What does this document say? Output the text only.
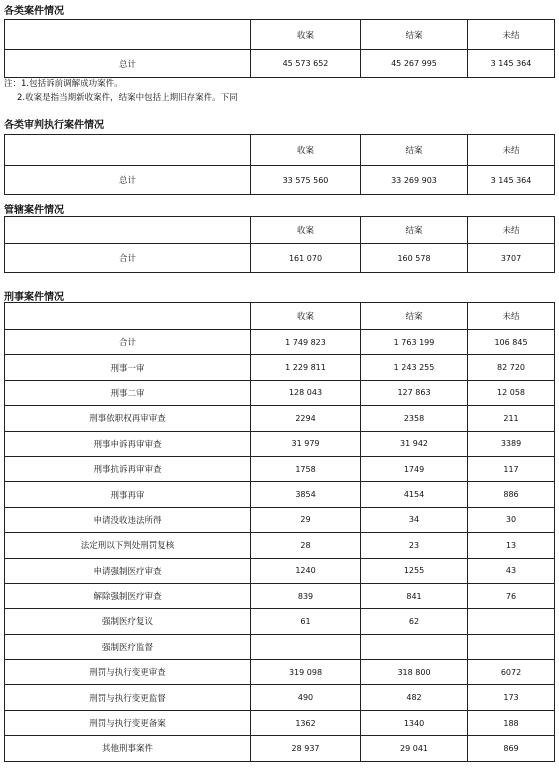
各类案件情况
	收案	结案	未结
总计	45 573 652	45 267 995	3 145 364
注：1.包括诉前调解成功案件。
2.收案是指当期新收案件，结案中包括上期旧存案件。下同
各类审判执行案件情况
	收案	结案	未结
总计	33 575 560	33 269 903	3 145 364
管辖案件情况
	收案	结案	未结
合计	161 070	160 578	3707
刑事案件情况
	收案	结案	未结
合计	1 749 823	1 763 199	106 845
刑事一审	1 229 811	1 243 255	82 720
刑事二审	128 043	127 863	12 058
刑事依职权再审审查	2294	2358	211
刑事申诉再审审查	31 979	31 942	3389
刑事抗诉再审审查	1758	1749	117
刑事再审	3854	4154	886
申请没收违法所得	29	34	30
法定刑以下判处刑罚复核	28	23	13
申请强制医疗审查	1240	1255	43
解除强制医疗审查	839	841	76
强制医疗复议	61	62	
强制医疗监督			
刑罚与执行变更审查	319 098	318 800	6072
刑罚与执行变更监督	490	482	173
刑罚与执行变更备案	1362	1340	188
其他刑事案件	28 937	29 041	869
